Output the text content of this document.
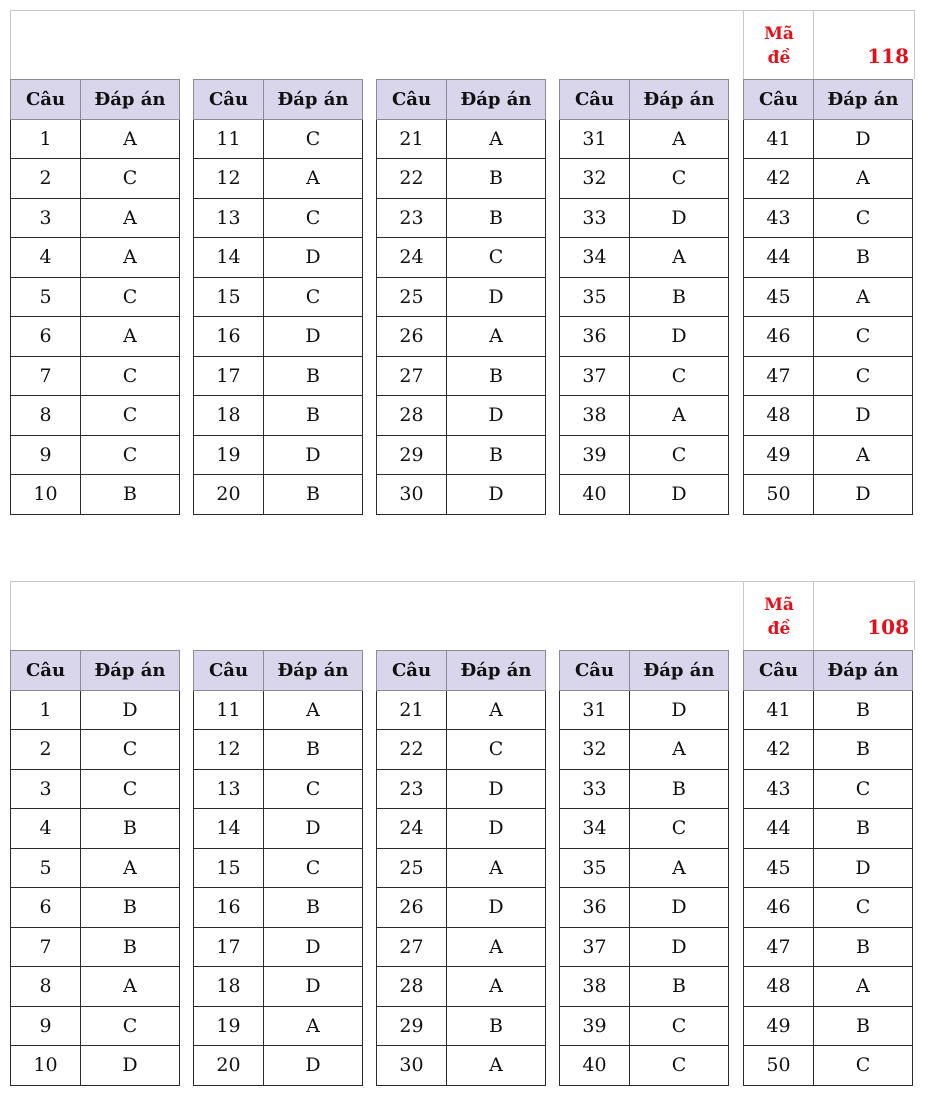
Mã
đề	118
Câu	Đáp án
1	A
2	C
3	A
4	A
5	C
6	A
7	C
8	C
9	C
10	B
Câu	Đáp án
11	C
12	A
13	C
14	D
15	C
16	D
17	B
18	B
19	D
20	B
Câu	Đáp án
21	A
22	B
23	B
24	C
25	D
26	A
27	B
28	D
29	B
30	D
Câu	Đáp án
31	A
32	C
33	D
34	A
35	B
36	D
37	C
38	A
39	C
40	D
Câu	Đáp án
41	D
42	A
43	C
44	B
45	A
46	C
47	C
48	D
49	A
50	D
Mã
đề	108
Câu	Đáp án
1	D
2	C
3	C
4	B
5	A
6	B
7	B
8	A
9	C
10	D
Câu	Đáp án
11	A
12	B
13	C
14	D
15	C
16	B
17	D
18	D
19	A
20	D
Câu	Đáp án
21	A
22	C
23	D
24	D
25	A
26	D
27	A
28	A
29	B
30	A
Câu	Đáp án
31	D
32	A
33	B
34	C
35	A
36	D
37	D
38	B
39	C
40	C
Câu	Đáp án
41	B
42	B
43	C
44	B
45	D
46	C
47	B
48	A
49	B
50	C
